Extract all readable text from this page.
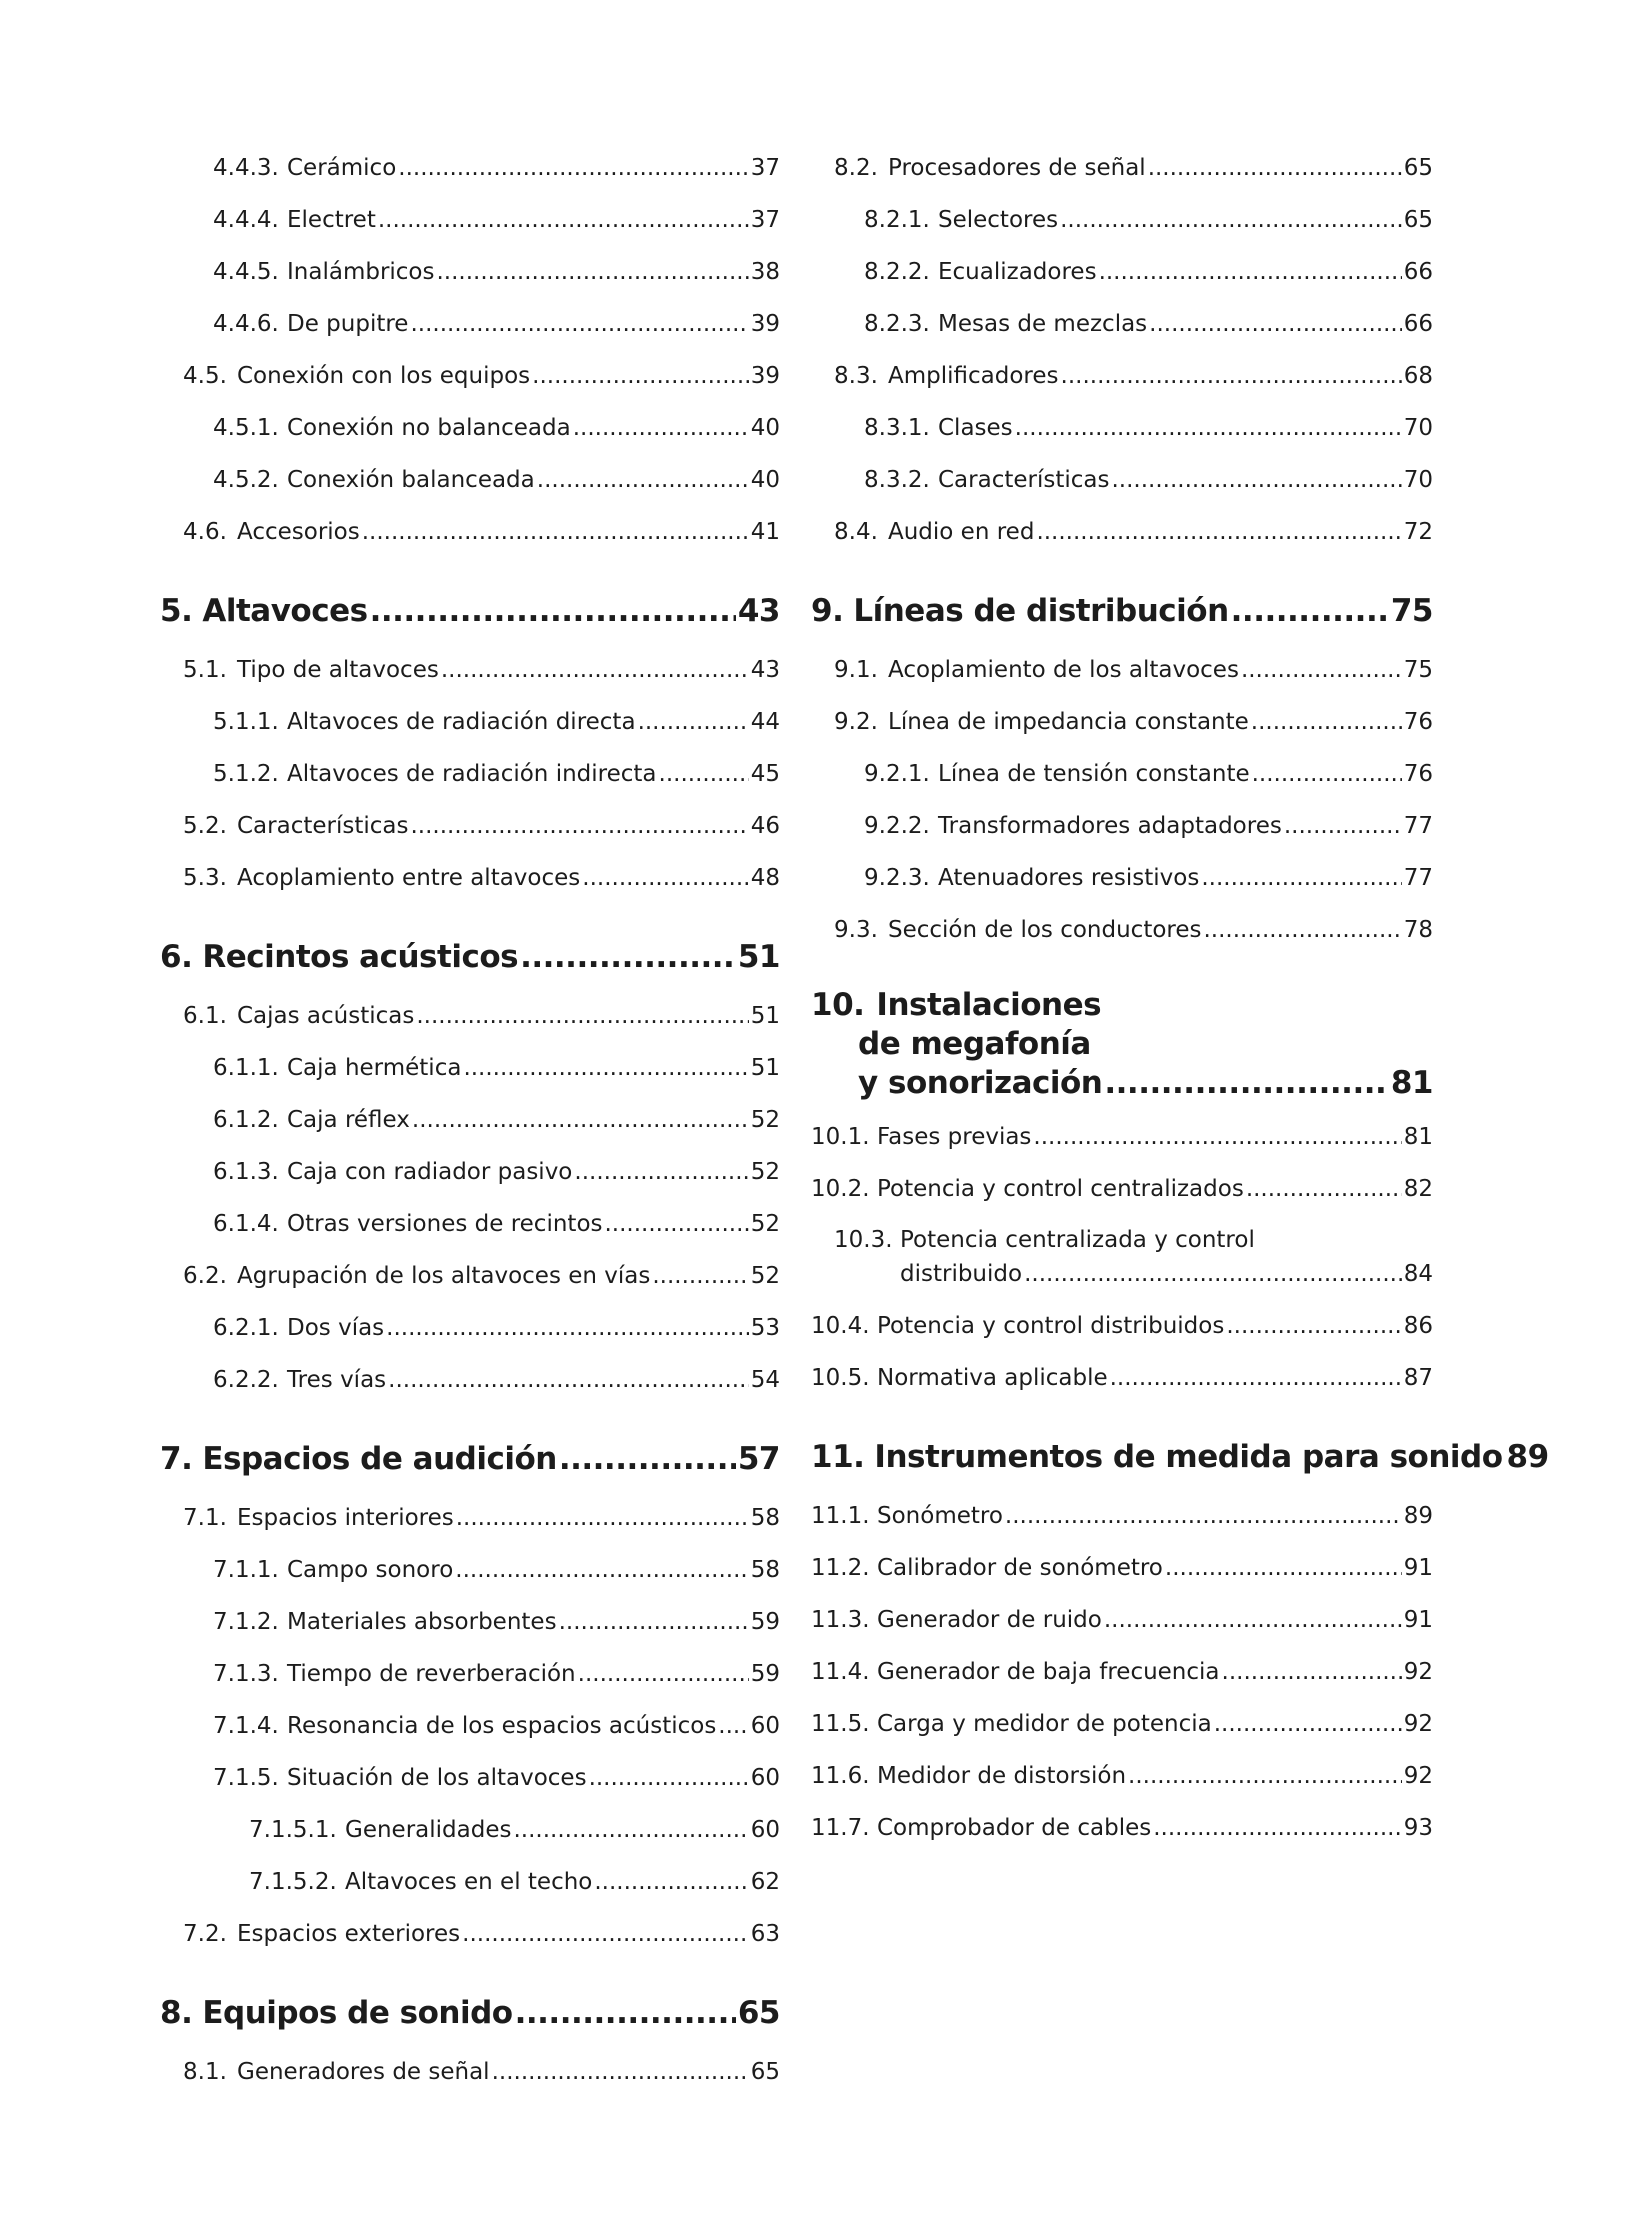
4.4.3. Cerámico .....	37
4.4.4. Electret .....	37
4.4.5. Inalámbricos .....	38
4.4.6. De pupitre .....	39
4.5. Conexión con los equipos .....	39
4.5.1. Conexión no balanceada .....	40
4.5.2. Conexión balanceada .....	40
4.6. Accesorios .....	41
5. Altavoces .....	43
5.1. Tipo de altavoces .....	43
5.1.1. Altavoces de radiación directa .....	44
5.1.2. Altavoces de radiación indirecta .....	45
5.2. Características .....	46
5.3. Acoplamiento entre altavoces .....	48
6. Recintos acústicos .....	51
6.1. Cajas acústicas .....	51
6.1.1. Caja hermética .....	51
6.1.2. Caja réflex .....	52
6.1.3. Caja con radiador pasivo .....	52
6.1.4. Otras versiones de recintos .....	52
6.2. Agrupación de los altavoces en vías .....	52
6.2.1. Dos vías .....	53
6.2.2. Tres vías .....	54
7. Espacios de audición .....	57
7.1. Espacios interiores .....	58
7.1.1. Campo sonoro .....	58
7.1.2. Materiales absorbentes .....	59
7.1.3. Tiempo de reverberación .....	59
7.1.4. Resonancia de los espacios acústicos ..... 60
7.1.5. Situación de los altavoces .....	60
7.1.5.1. Generalidades .....	60
7.1.5.2. Altavoces en el techo .....	62
7.2. Espacios exteriores .....	63
8. Equipos de sonido .....	65
8.1. Generadores de señal .....	65
8.2. Procesadores de señal .....	65
8.2.1. Selectores .....	65
8.2.2. Ecualizadores .....	66
8.2.3. Mesas de mezclas .....	66
8.3. Amplificadores .....	68
8.3.1. Clases .....	70
8.3.2. Características .....	70
8.4. Audio en red .....	72
9. Líneas de distribución .....	75
9.1. Acoplamiento de los altavoces .....	75
9.2. Línea de impedancia constante .....	76
9.2.1. Línea de tensión constante .....	76
9.2.2. Transformadores adaptadores .....	77
9.2.3. Atenuadores resistivos .....	77
9.3. Sección de los conductores .....	78
10. Instalaciones
de megafonía
y sonorización .....	81
10.1. Fases previas .....	81
10.2. Potencia y control centralizados .....	82
10.3. Potencia centralizada y control
distribuido .....	84
10.4. Potencia y control distribuidos .....	86
10.5. Normativa aplicable .....	87
11. Instrumentos de medida para sonido 89
11.1. Sonómetro .....	89
11.2. Calibrador de sonómetro .....	91
11.3. Generador de ruido .....	91
11.4. Generador de baja frecuencia .....	92
11.5. Carga y medidor de potencia .....	92
11.6. Medidor de distorsión .....	92
11.7. Comprobador de cables .....	93
